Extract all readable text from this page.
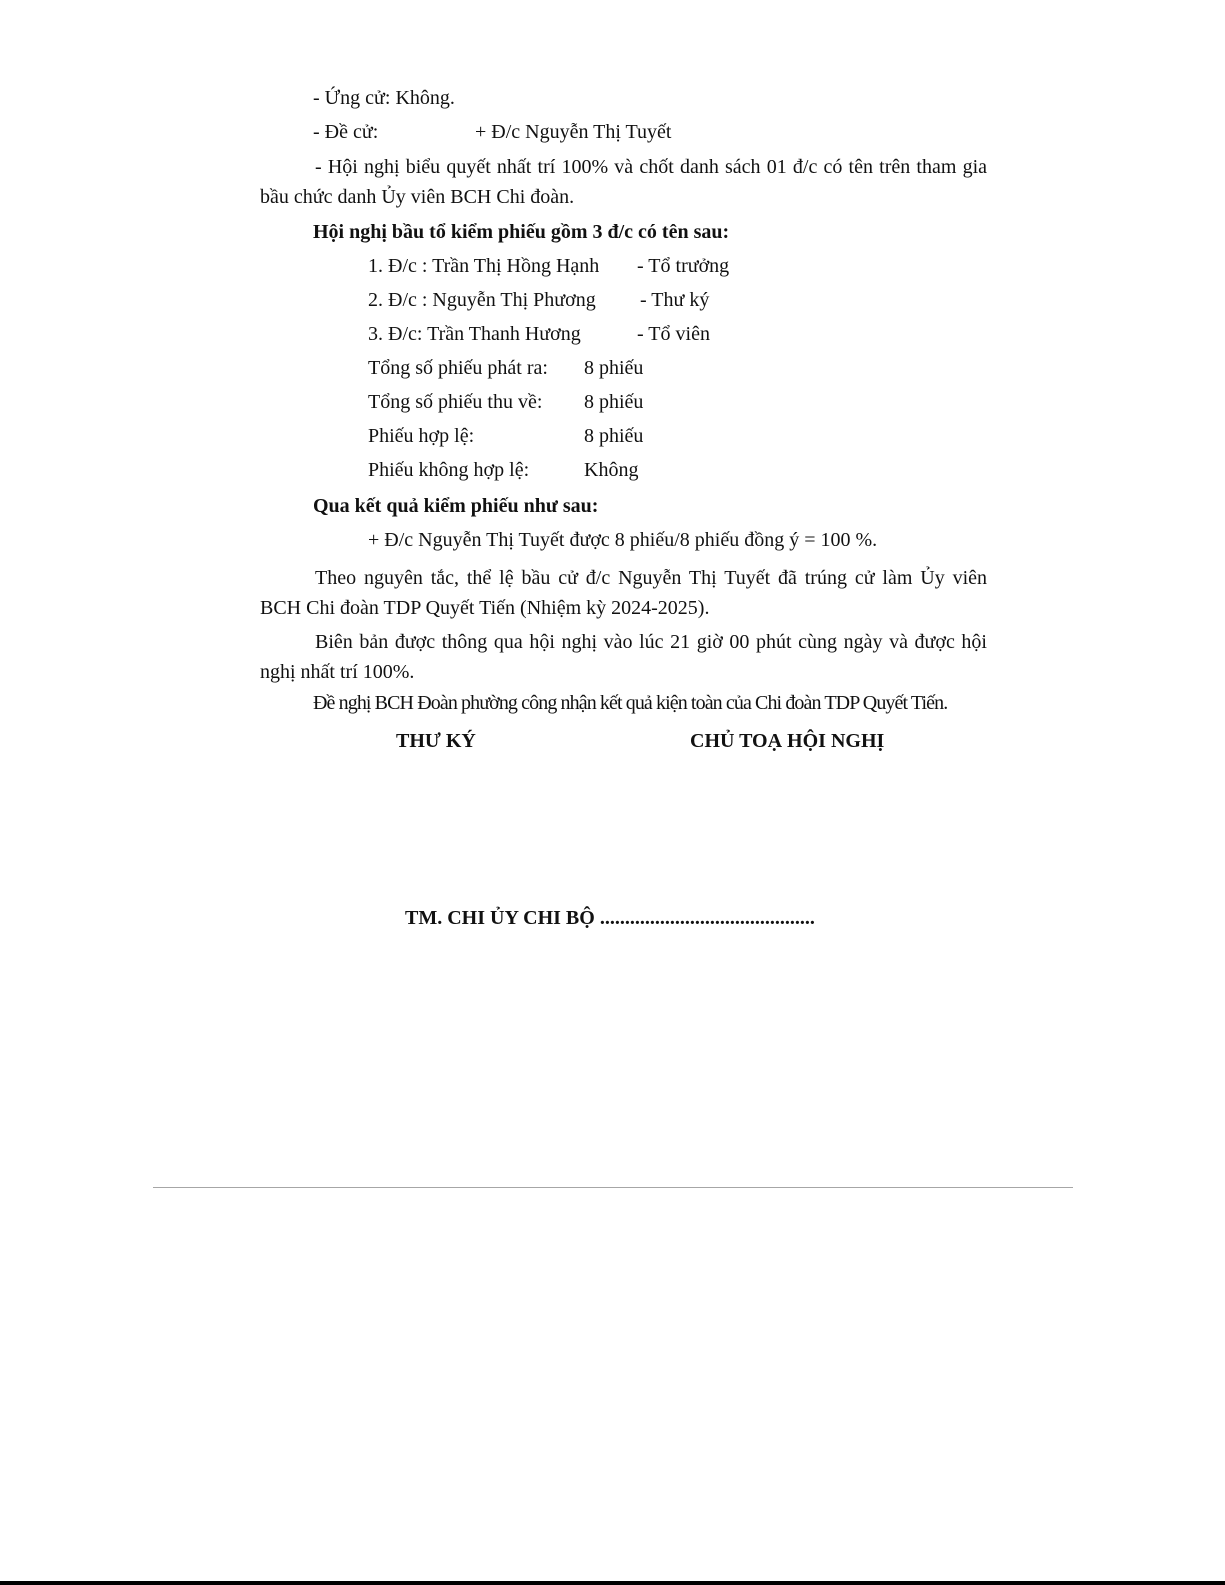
- Ứng cử: Không.
- Đề cử:	+ Đ/c Nguyễn Thị Tuyết
- Hội nghị biểu quyết nhất trí 100% và chốt danh sách 01 đ/c có tên trên tham gia bầu chức danh Ủy viên BCH Chi đoàn.
Hội nghị bầu tổ kiểm phiếu gồm 3 đ/c có tên sau:
1. Đ/c : Trần Thị Hồng Hạnh - Tổ trưởng
2. Đ/c : Nguyễn Thị Phương - Thư ký
3. Đ/c: Trần Thanh Hương	- Tổ viên
Tổng số phiếu phát ra: 8 phiếu
Tổng số phiếu thu về: 8 phiếu
Phiếu hợp lệ:	8 phiếu
Phiếu không hợp lệ:	Không
Qua kết quả kiểm phiếu như sau:
+ Đ/c Nguyễn Thị Tuyết được 8 phiếu/8 phiếu đồng ý = 100 %.
Theo nguyên tắc, thể lệ bầu cử đ/c Nguyễn Thị Tuyết đã trúng cử làm Ủy viên BCH Chi đoàn TDP Quyết Tiến (Nhiệm kỳ 2024-2025).
Biên bản được thông qua hội nghị vào lúc 21 giờ 00 phút cùng ngày và được hội nghị nhất trí 100%.
Đề nghị BCH Đoàn phường công nhận kết quả kiện toàn của Chi đoàn TDP Quyết Tiến.
THƯ KÝ	CHỦ TOẠ HỘI NGHỊ
TM. CHI ỦY CHI BỘ ...........................................
